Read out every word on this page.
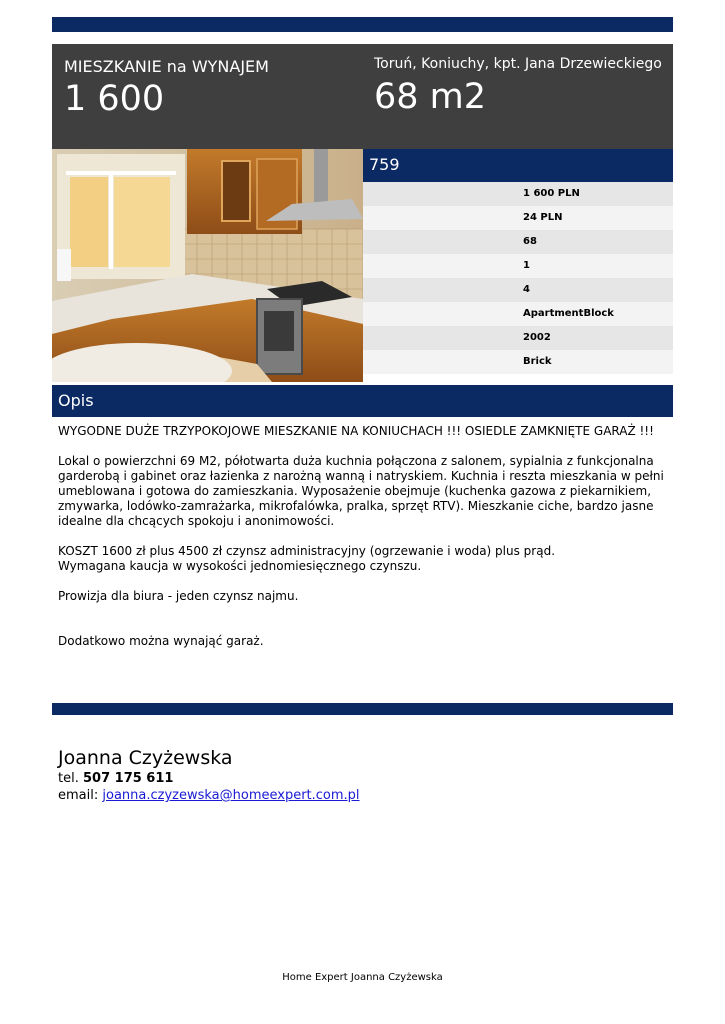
MIESZKANIE na WYNAJEM
1 600
Toruń, Koniuchy, kpt. Jana Drzewieckiego
68 m2
759
1 600 PLN
24 PLN
68
1
4
ApartmentBlock
2002
Brick
Opis

WYGODNE DUŻE TRZYPOKOJOWE MIESZKANIE NA KONIUCHACH !!! OSIEDLE ZAMKNIĘTE GARAŻ !!!

Lokal o powierzchni 69 M2, półotwarta duża kuchnia połączona z salonem, sypialnia z funkcjonalna garderobą i gabinet oraz łazienka z narożną wanną i natryskiem. Kuchnia i reszta mieszkania w pełni umeblowana i gotowa do zamieszkania. Wyposażenie obejmuje (kuchenka gazowa z piekarnikiem, zmywarka, lodówko-zamrażarka, mikrofalówka, pralka, sprzęt RTV). Mieszkanie ciche, bardzo jasne idealne dla chcących spokoju i anonimowości.

KOSZT 1600 zł plus 4500 zł czynsz administracyjny (ogrzewanie i woda) plus prąd.

Wymagana kaucja w wysokości jednomiesięcznego czynszu.

Prowizja dla biura - jeden czynsz najmu.

Dodatkowo można wynająć garaż.

Joanna Czyżewska
tel. 507 175 611
email: joanna.czyzewska@homeexpert.com.pl
Home Expert Joanna Czyżewska
